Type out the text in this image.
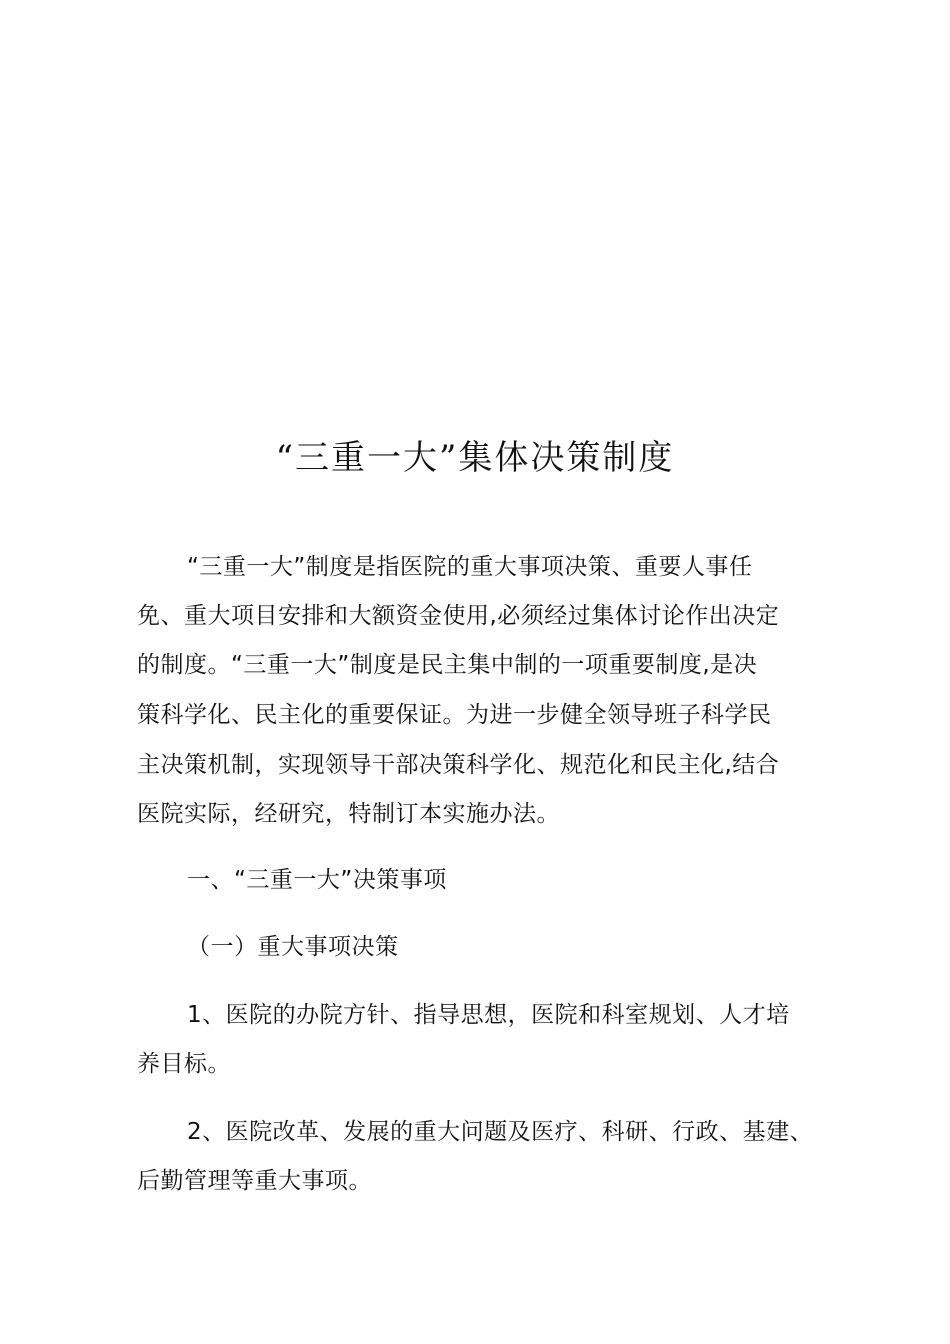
“三重一大”集体决策制度
“三重一大”制度是指医院的重大事项决策、重要人事任
免、重大项目安排和大额资金使用,必须经过集体讨论作出决定
的制度。“三重一大”制度是民主集中制的一项重要制度,是决
策科学化、民主化的重要保证。为进一步健全领导班子科学民
主决策机制，实现领导干部决策科学化、规范化和民主化,结合
医院实际，经研究，特制订本实施办法。
一、“三重一大”决策事项
（一）重大事项决策
1、医院的办院方针、指导思想，医院和科室规划、人才培
养目标。
2、医院改革、发展的重大问题及医疗、科研、行政、基建、
后勤管理等重大事项。
